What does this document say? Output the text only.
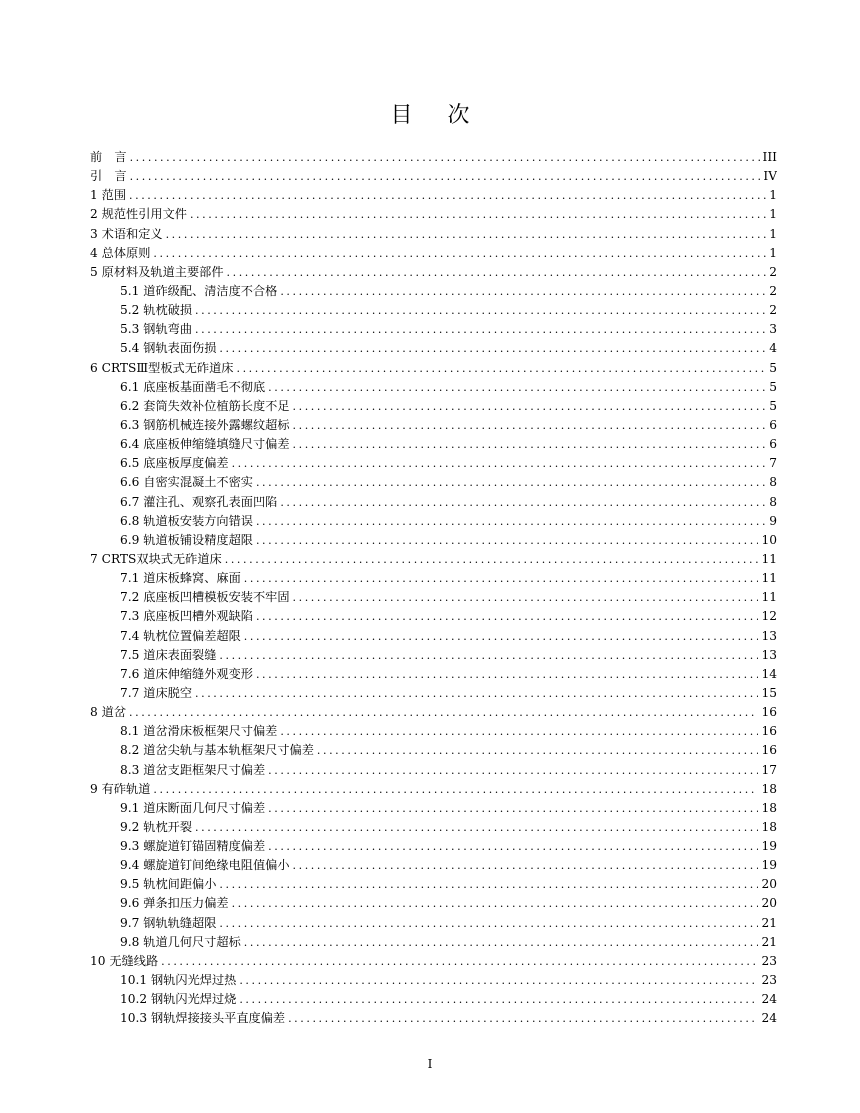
目 次
前　言 .....	III
引　言 .....	IV
1 范围 .....	1
2 规范性引用文件 .....	1
3 术语和定义 .....	1
4 总体原则 .....	1
5 原材料及轨道主要部件 .....	2
5.1 道砟级配、清洁度不合格 .....	2
5.2 轨枕破损 .....	2
5.3 钢轨弯曲 .....	3
5.4 钢轨表面伤损 .....	4
6 CRTSⅢ型板式无砟道床 .....	5
6.1 底座板基面凿毛不彻底 .....	5
6.2 套筒失效补位植筋长度不足 .....	5
6.3 钢筋机械连接外露螺纹超标 .....	6
6.4 底座板伸缩缝填缝尺寸偏差 .....	6
6.5 底座板厚度偏差 .....	7
6.6 自密实混凝土不密实 .....	8
6.7 灌注孔、观察孔表面凹陷 .....	8
6.8 轨道板安装方向错误 .....	9
6.9 轨道板铺设精度超限 .....	10
7 CRTS双块式无砟道床 .....	11
7.1 道床板蜂窝、麻面 .....	11
7.2 底座板凹槽模板安装不牢固 .....	11
7.3 底座板凹槽外观缺陷 .....	12
7.4 轨枕位置偏差超限 .....	13
7.5 道床表面裂缝 .....	13
7.6 道床伸缩缝外观变形 .....	14
7.7 道床脱空 .....	15
8 道岔 .....	16
8.1 道岔滑床板框架尺寸偏差 .....	16
8.2 道岔尖轨与基本轨框架尺寸偏差 .....	16
8.3 道岔支距框架尺寸偏差 .....	17
9 有砟轨道 .....	18
9.1 道床断面几何尺寸偏差 .....	18
9.2 轨枕开裂 .....	18
9.3 螺旋道钉锚固精度偏差 .....	19
9.4 螺旋道钉间绝缘电阻值偏小 .....	19
9.5 轨枕间距偏小 .....	20
9.6 弹条扣压力偏差 .....	20
9.7 钢轨轨缝超限 .....	21
9.8 轨道几何尺寸超标 .....	21
10 无缝线路 .....	23
10.1 钢轨闪光焊过热 .....	23
10.2 钢轨闪光焊过烧 .....	24
10.3 钢轨焊接接头平直度偏差 .....	24
I
